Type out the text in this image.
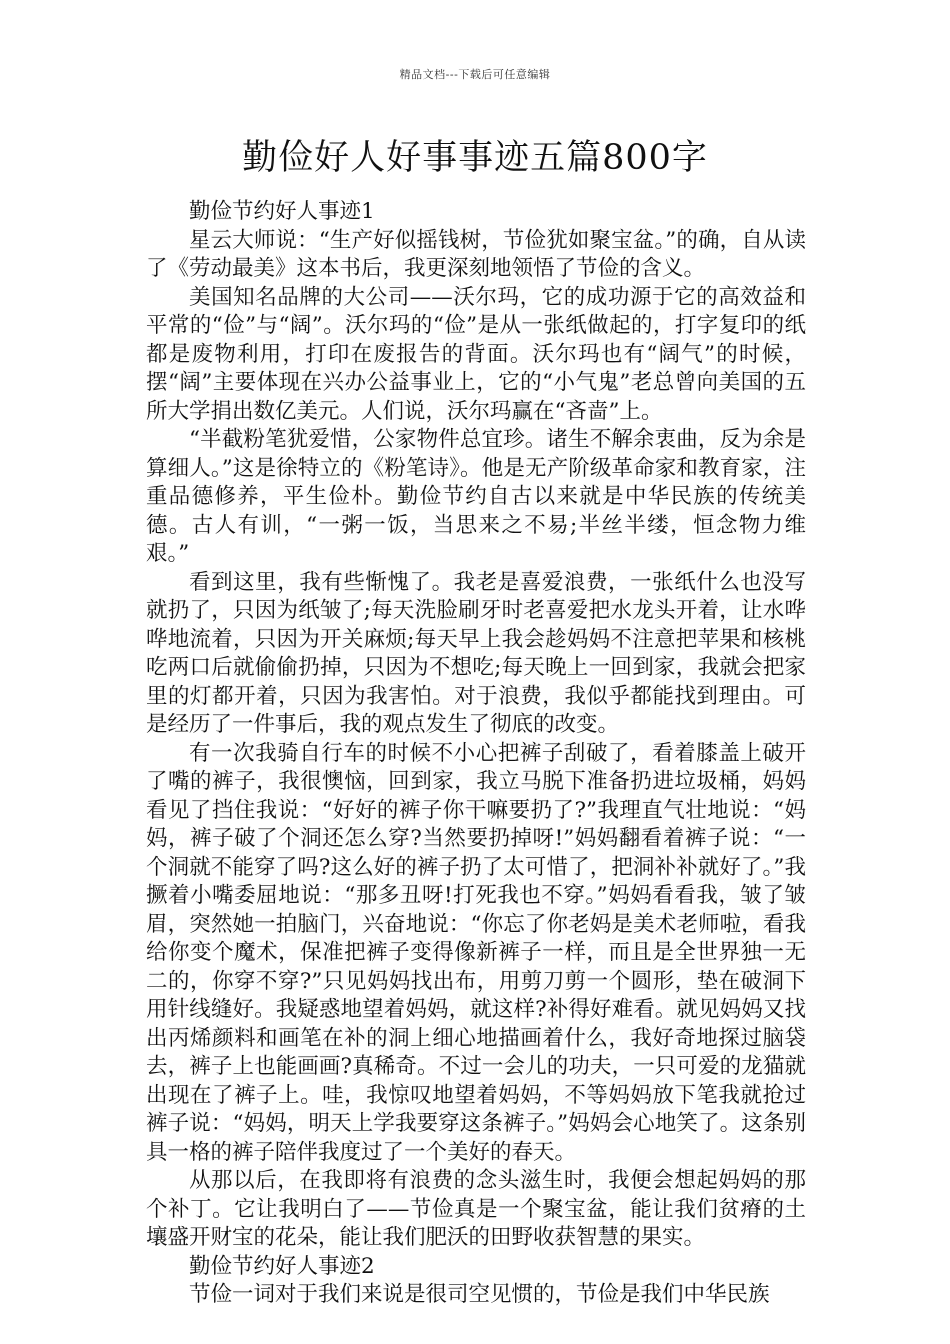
精品文档---下载后可任意编辑
勤俭好人好事事迹五篇800字

勤俭节约好人事迹1

星云大师说：“生产好似摇钱树，节俭犹如聚宝盆。”的确，自从读了《劳动最美》这本书后，我更深刻地领悟了节俭的含义。

美国知名品牌的大公司——沃尔玛，它的成功源于它的高效益和平常的“俭”与“阔”。沃尔玛的“俭”是从一张纸做起的，打字复印的纸都是废物利用，打印在废报告的背面。沃尔玛也有“阔气”的时候，摆“阔”主要体现在兴办公益事业上，它的“小气鬼”老总曾向美国的五所大学捐出数亿美元。人们说，沃尔玛赢在“吝啬”上。

“半截粉笔犹爱惜，公家物件总宜珍。诸生不解余衷曲，反为余是算细人。”这是徐特立的《粉笔诗》。他是无产阶级革命家和教育家，注重品德修养，平生俭朴。勤俭节约自古以来就是中华民族的传统美德。古人有训，“一粥一饭，当思来之不易;半丝半缕，恒念物力维艰。”

看到这里，我有些惭愧了。我老是喜爱浪费，一张纸什么也没写就扔了，只因为纸皱了;每天洗脸刷牙时老喜爱把水龙头开着，让水哗哗地流着，只因为开关麻烦;每天早上我会趁妈妈不注意把苹果和核桃吃两口后就偷偷扔掉，只因为不想吃;每天晚上一回到家，我就会把家里的灯都开着，只因为我害怕。对于浪费，我似乎都能找到理由。可是经历了一件事后，我的观点发生了彻底的改变。

有一次我骑自行车的时候不小心把裤子刮破了，看着膝盖上破开了嘴的裤子，我很懊恼，回到家，我立马脱下准备扔进垃圾桶，妈妈看见了挡住我说：“好好的裤子你干嘛要扔了?”我理直气壮地说：“妈妈，裤子破了个洞还怎么穿?当然要扔掉呀!”妈妈翻看着裤子说：“一个洞就不能穿了吗?这么好的裤子扔了太可惜了，把洞补补就好了。”我撅着小嘴委屈地说：“那多丑呀!打死我也不穿。”妈妈看看我，皱了皱眉，突然她一拍脑门，兴奋地说：“你忘了你老妈是美术老师啦，看我给你变个魔术，保准把裤子变得像新裤子一样，而且是全世界独一无二的，你穿不穿?”只见妈妈找出布，用剪刀剪一个圆形，垫在破洞下用针线缝好。我疑惑地望着妈妈，就这样?补得好难看。就见妈妈又找出丙烯颜料和画笔在补的洞上细心地描画着什么，我好奇地探过脑袋去，裤子上也能画画?真稀奇。不过一会儿的功夫，一只可爱的龙猫就出现在了裤子上。哇，我惊叹地望着妈妈，不等妈妈放下笔我就抢过裤子说：“妈妈，明天上学我要穿这条裤子。”妈妈会心地笑了。这条别具一格的裤子陪伴我度过了一个美好的春天。

从那以后，在我即将有浪费的念头滋生时，我便会想起妈妈的那个补丁。它让我明白了——节俭真是一个聚宝盆，能让我们贫瘠的土壤盛开财宝的花朵，能让我们肥沃的田野收获智慧的果实。

勤俭节约好人事迹2

节俭一词对于我们来说是很司空见惯的，节俭是我们中华民族
